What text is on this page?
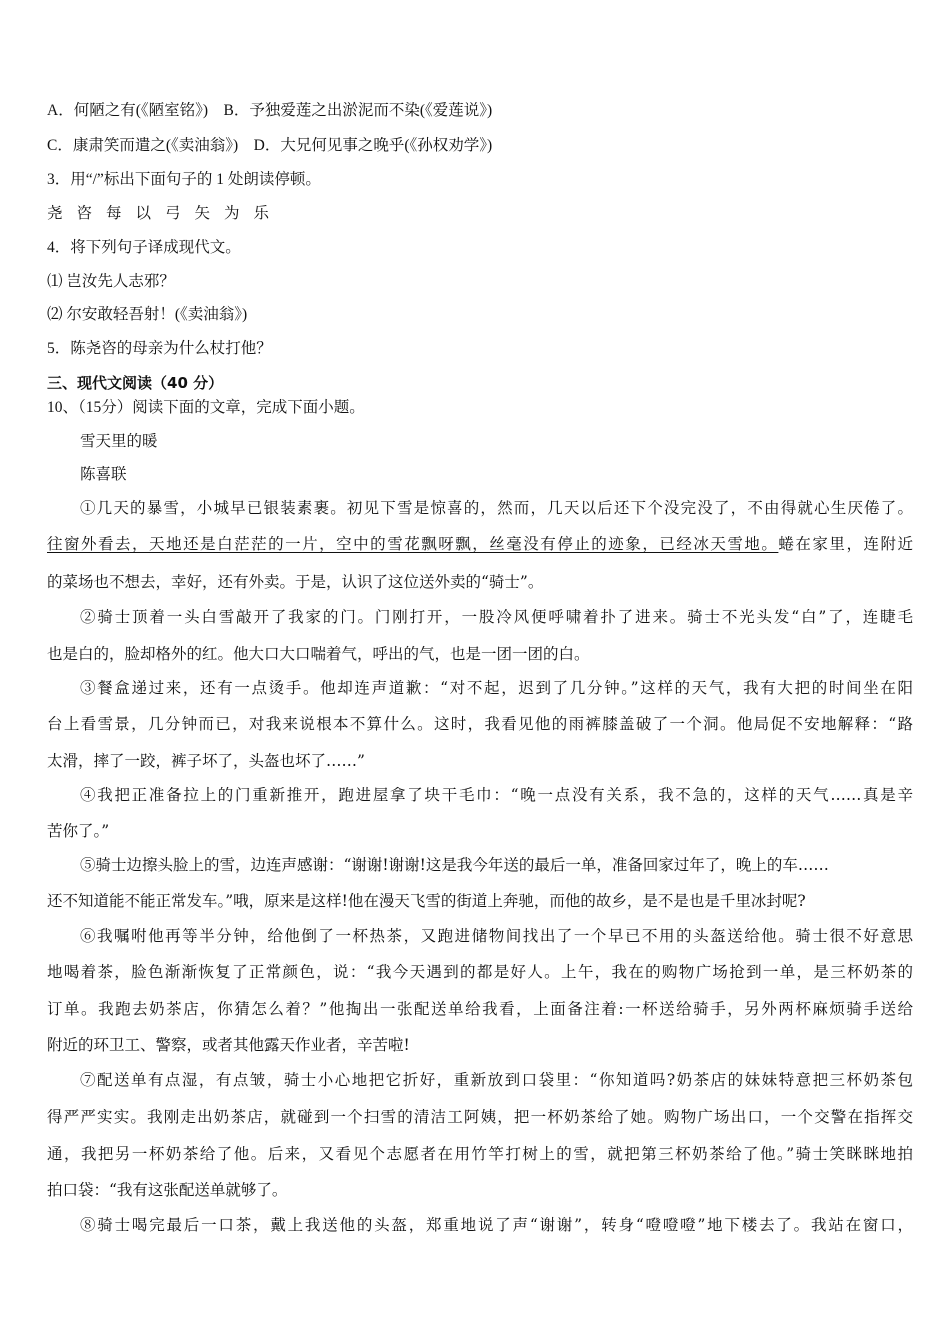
A．何陋之有(《陋室铭》)　B．予独爱莲之出淤泥而不染(《爱莲说》)
C．康肃笑而遣之(《卖油翁》)　D．大兄何见事之晚乎(《孙权劝学》)
3．用“/”标出下面句子的 1 处朗读停顿。
尧咨每以弓矢为乐
4．将下列句子译成现代文。
⑴ 岂汝先人志邪？
⑵ 尔安敢轻吾射！(《卖油翁》)
5．陈尧咨的母亲为什么杖打他？
三、现代文阅读（40 分）
10、（15分）阅读下面的文章，完成下面小题。
雪天里的暖
陈喜联
①几天的暴雪，小城早已银装素裹。初见下雪是惊喜的，然而，几天以后还下个没完没了，不由得就心生厌倦了。
往窗外看去，天地还是白茫茫的一片，空中的雪花飘呀飘，丝毫没有停止的迹象，已经冰天雪地。蜷在家里，连附近
的菜场也不想去，幸好，还有外卖。于是，认识了这位送外卖的“骑士”。
②骑士顶着一头白雪敲开了我家的门。门刚打开，一股冷风便呼啸着扑了进来。骑士不光头发“白”了，连睫毛
也是白的，脸却格外的红。他大口大口喘着气，呼出的气，也是一团一团的白。
③餐盒递过来，还有一点烫手。他却连声道歉：“对不起，迟到了几分钟。”这样的天气，我有大把的时间坐在阳
台上看雪景，几分钟而已，对我来说根本不算什么。这时，我看见他的雨裤膝盖破了一个洞。他局促不安地解释：“路
太滑，摔了一跤，裤子坏了，头盔也坏了……”
④我把正准备拉上的门重新推开，跑进屋拿了块干毛巾：“晚一点没有关系，我不急的，这样的天气……真是辛
苦你了。”
⑤骑士边擦头脸上的雪，边连声感谢：“谢谢!谢谢!这是我今年送的最后一单，准备回家过年了，晚上的车……
还不知道能不能正常发车。”哦，原来是这样!他在漫天飞雪的街道上奔驰，而他的故乡，是不是也是千里冰封呢?
⑥我嘱咐他再等半分钟，给他倒了一杯热茶，又跑进储物间找出了一个早已不用的头盔送给他。骑士很不好意思
地喝着茶，脸色渐渐恢复了正常颜色，说：“我今天遇到的都是好人。上午，我在的购物广场抢到一单，是三杯奶茶的
订单。我跑去奶茶店，你猜怎么着？”他掏出一张配送单给我看，上面备注着:一杯送给骑手，另外两杯麻烦骑手送给
附近的环卫工、警察，或者其他露天作业者，辛苦啦!
⑦配送单有点湿，有点皱，骑士小心地把它折好，重新放到口袋里：“你知道吗?奶茶店的妹妹特意把三杯奶茶包
得严严实实。我刚走出奶茶店，就碰到一个扫雪的清洁工阿姨，把一杯奶茶给了她。购物广场出口，一个交警在指挥交
通，我把另一杯奶茶给了他。后来，又看见个志愿者在用竹竿打树上的雪，就把第三杯奶茶给了他。”骑士笑眯眯地拍
拍口袋：“我有这张配送单就够了。
⑧骑士喝完最后一口茶，戴上我送他的头盔，郑重地说了声“谢谢”，转身“噔噔噔”地下楼去了。我站在窗口，
